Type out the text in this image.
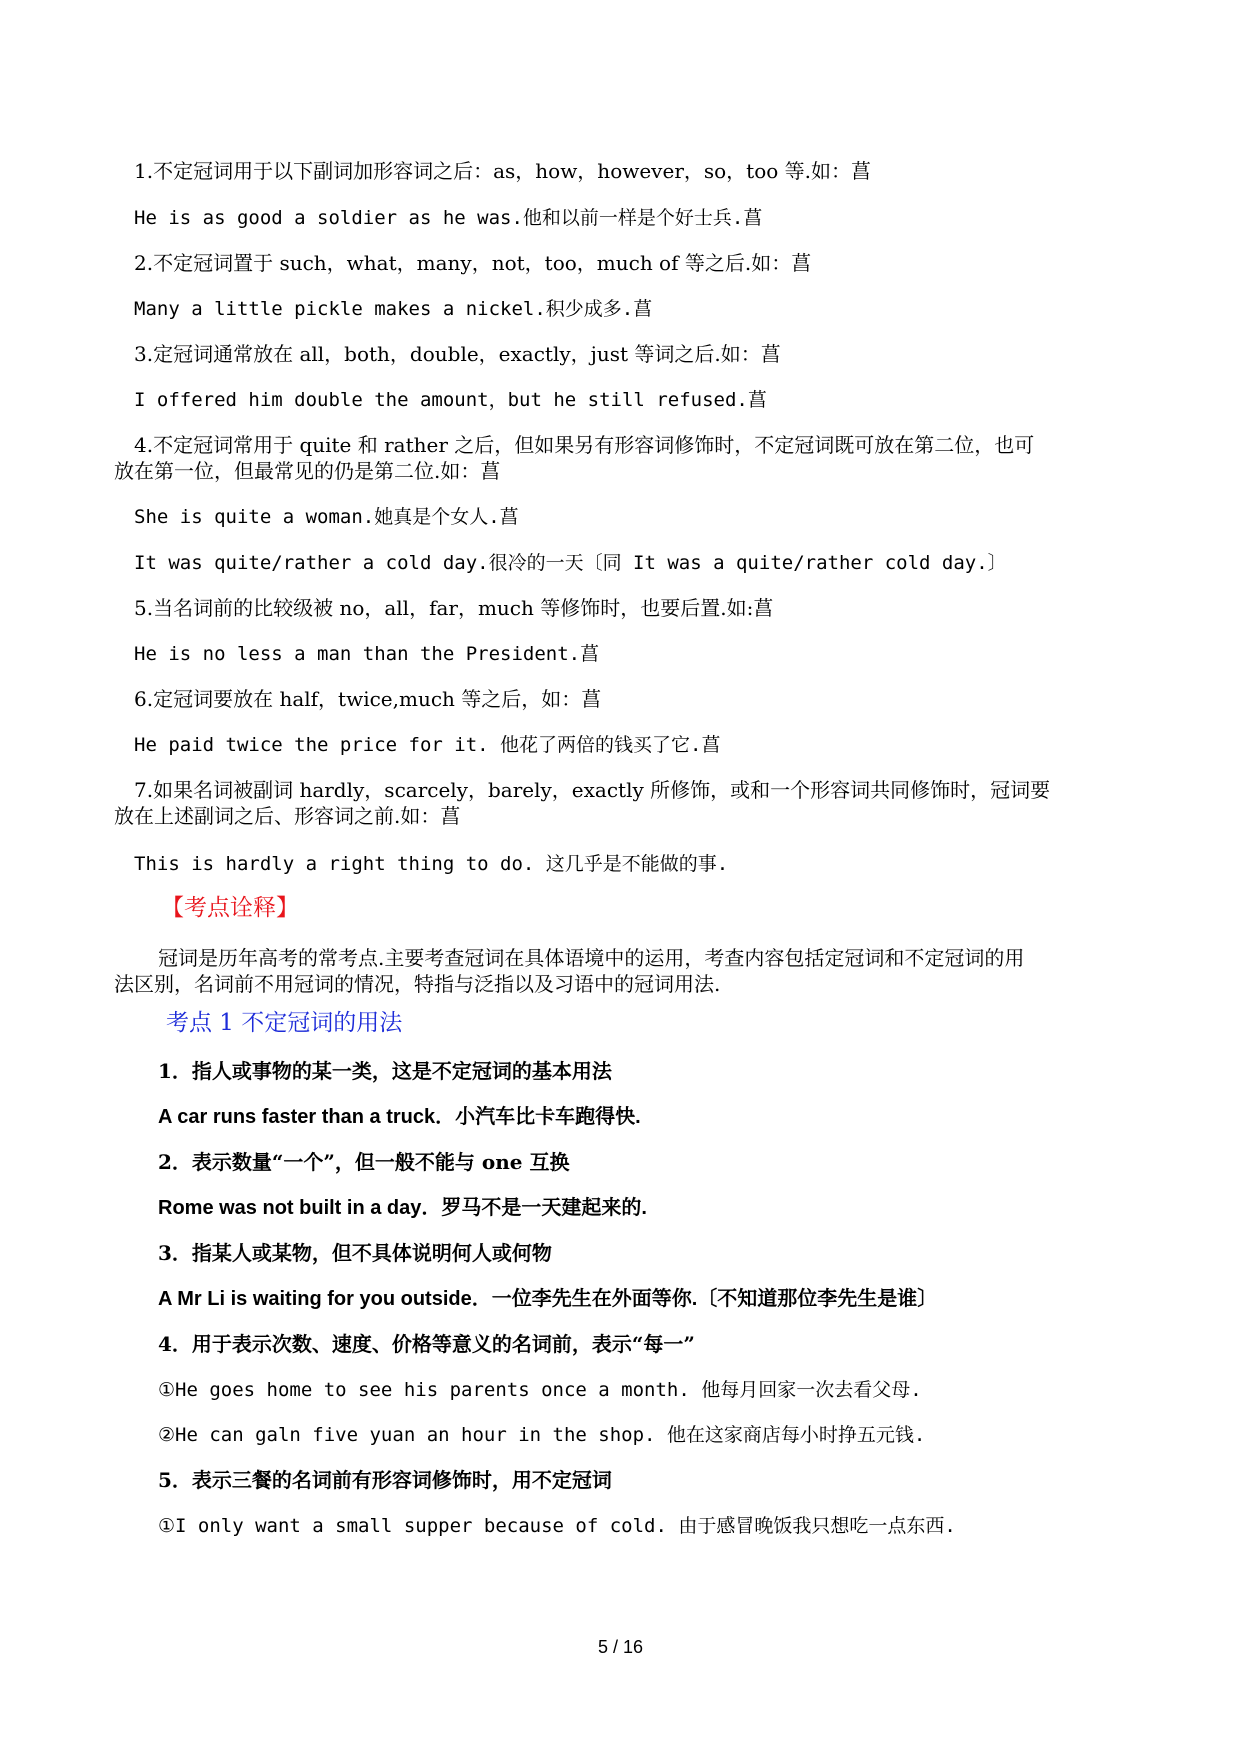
1.不定冠词用于以下副词加形容词之后：as，how，however，so，too 等.如：菖
He is as good a soldier as he was.他和以前一样是个好士兵.菖
2.不定冠词置于 such，what，many，not，too，much of 等之后.如：菖
Many a little pickle makes a nickel.积少成多.菖
3.定冠词通常放在 all，both，double，exactly，just 等词之后.如：菖
I offered him double the amount，but he still refused.菖
4.不定冠词常用于 quite 和 rather 之后，但如果另有形容词修饰时，不定冠词既可放在第二位，也可
放在第一位，但最常见的仍是第二位.如：菖
She is quite a woman.她真是个女人.菖
It was quite/rather a cold day.很冷的一天〔同 It was a quite/rather cold day.〕
5.当名词前的比较级被 no，all，far，much 等修饰时，也要后置.如:菖
He is no less a man than the President.菖
6.定冠词要放在 half，twice,much 等之后，如：菖
He paid twice the price for it. 他花了两倍的钱买了它.菖
7.如果名词被副词 hardly，scarcely，barely，exactly 所修饰，或和一个形容词共同修饰时，冠词要
放在上述副词之后、形容词之前.如：菖
This is hardly a right thing to do. 这几乎是不能做的事.
【考点诠释】
冠词是历年高考的常考点.主要考查冠词在具体语境中的运用，考查内容包括定冠词和不定冠词的用
法区别，名词前不用冠词的情况，特指与泛指以及习语中的冠词用法.
考点 1 不定冠词的用法
1．指人或事物的某一类，这是不定冠词的基本用法
A car runs faster than a truck．小汽车比卡车跑得快.
2．表示数量“一个”，但一般不能与 one 互换
Rome was not built in a day．罗马不是一天建起来的.
3．指某人或某物，但不具体说明何人或何物
A Mr Li is waiting for you outside．一位李先生在外面等你.〔不知道那位李先生是谁〕
4．用于表示次数、速度、价格等意义的名词前，表示“每一”
①He goes home to see his parents once a month. 他每月回家一次去看父母.
②He can galn five yuan an hour in the shop. 他在这家商店每小时挣五元钱.
5．表示三餐的名词前有形容词修饰时，用不定冠词
①I only want a small supper because of cold. 由于感冒晚饭我只想吃一点东西.
5 / 16
